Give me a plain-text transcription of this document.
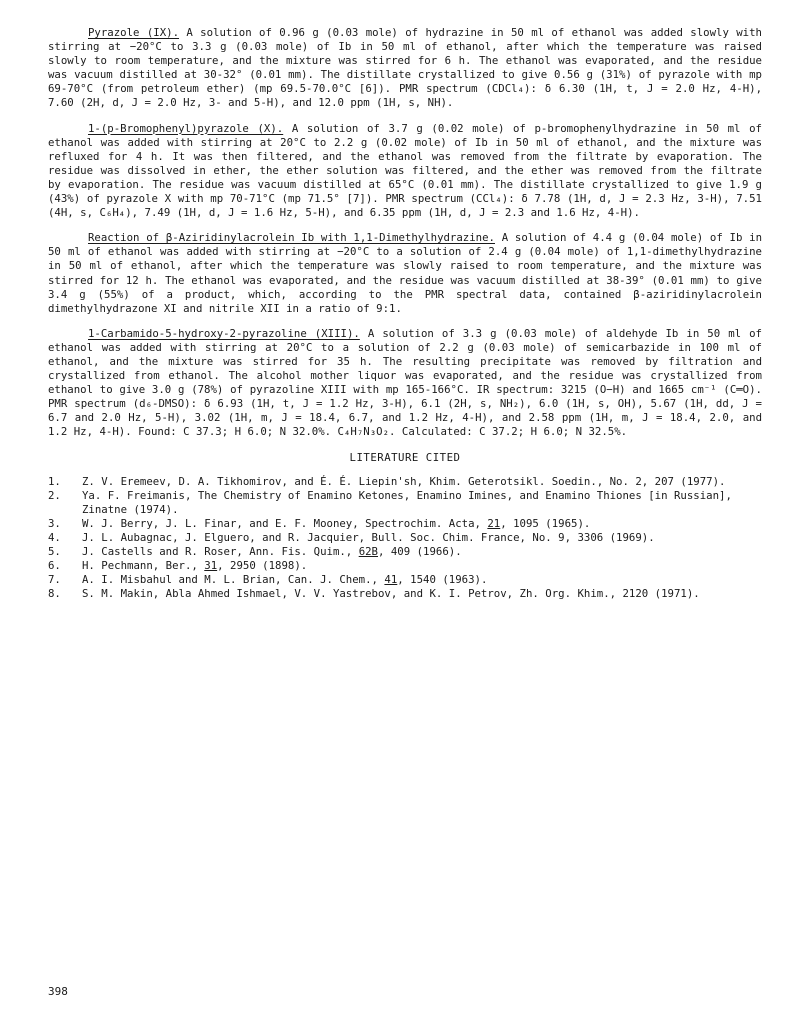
Pyrazole (IX). A solution of 0.96 g (0.03 mole) of hydrazine in 50 ml of ethanol was added slowly with stirring at −20°C to 3.3 g (0.03 mole) of Ib in 50 ml of ethanol, after which the temperature was raised slowly to room temperature, and the mixture was stirred for 6 h. The ethanol was evaporated, and the residue was vacuum distilled at 30-32° (0.01 mm). The distillate crystallized to give 0.56 g (31%) of pyrazole with mp 69-70°C (from petroleum ether) (mp 69.5-70.0°C [6]). PMR spectrum (CDCl₄): δ 6.30 (1H, t, J = 2.0 Hz, 4-H), 7.60 (2H, d, J = 2.0 Hz, 3- and 5-H), and 12.0 ppm (1H, s, NH).

1-(p-Bromophenyl)pyrazole (X). A solution of 3.7 g (0.02 mole) of p-bromophenylhydrazine in 50 ml of ethanol was added with stirring at 20°C to 2.2 g (0.02 mole) of Ib in 50 ml of ethanol, and the mixture was refluxed for 4 h. It was then filtered, and the ethanol was removed from the filtrate by evaporation. The residue was dissolved in ether, the ether solution was filtered, and the ether was removed from the filtrate by evaporation. The residue was vacuum distilled at 65°C (0.01 mm). The distillate crystallized to give 1.9 g (43%) of pyrazole X with mp 70-71°C (mp 71.5° [7]). PMR spectrum (CCl₄): δ 7.78 (1H, d, J = 2.3 Hz, 3-H), 7.51 (4H, s, C₆H₄), 7.49 (1H, d, J = 1.6 Hz, 5-H), and 6.35 ppm (1H, d, J = 2.3 and 1.6 Hz, 4-H).

Reaction of β-Aziridinylacrolein Ib with 1,1-Dimethylhydrazine. A solution of 4.4 g (0.04 mole) of Ib in 50 ml of ethanol was added with stirring at −20°C to a solution of 2.4 g (0.04 mole) of 1,1-dimethylhydrazine in 50 ml of ethanol, after which the temperature was slowly raised to room temperature, and the mixture was stirred for 12 h. The ethanol was evaporated, and the residue was vacuum distilled at 38-39° (0.01 mm) to give 3.4 g (55%) of a product, which, according to the PMR spectral data, contained β-aziridinylacrolein dimethylhydrazone XI and nitrile XII in a ratio of 9:1.

1-Carbamido-5-hydroxy-2-pyrazoline (XIII). A solution of 3.3 g (0.03 mole) of aldehyde Ib in 50 ml of ethanol was added with stirring at 20°C to a solution of 2.2 g (0.03 mole) of semicarbazide in 100 ml of ethanol, and the mixture was stirred for 35 h. The resulting precipitate was removed by filtration and crystallized from ethanol. The alcohol mother liquor was evaporated, and the residue was crystallized from ethanol to give 3.0 g (78%) of pyrazoline XIII with mp 165-166°C. IR spectrum: 3215 (O−H) and 1665 cm⁻¹ (C═O). PMR spectrum (d₆-DMSO): δ 6.93 (1H, t, J = 1.2 Hz, 3-H), 6.1 (2H, s, NH₂), 6.0 (1H, s, OH), 5.67 (1H, dd, J = 6.7 and 2.0 Hz, 5-H), 3.02 (1H, m, J = 18.4, 6.7, and 1.2 Hz, 4-H), and 2.58 ppm (1H, m, J = 18.4, 2.0, and 1.2 Hz, 4-H). Found: C 37.3; H 6.0; N 32.0%. C₄H₇N₃O₂. Calculated: C 37.2; H 6.0; N 32.5%.

LITERATURE CITED
1.	Z. V. Eremeev, D. A. Tikhomirov, and É. É. Liepin'sh, Khim. Geterotsikl. Soedin., No. 2, 207 (1977).
2.	Ya. F. Freimanis, The Chemistry of Enamino Ketones, Enamino Imines, and Enamino Thiones [in Russian], Zinatne (1974).
3.	W. J. Berry, J. L. Finar, and E. F. Mooney, Spectrochim. Acta, 21, 1095 (1965).
4.	J. L. Aubagnac, J. Elguero, and R. Jacquier, Bull. Soc. Chim. France, No. 9, 3306 (1969).
5.	J. Castells and R. Roser, Ann. Fis. Quim., 62B, 409 (1966).
6.	H. Pechmann, Ber., 31, 2950 (1898).
7.	A. I. Misbahul and M. L. Brian, Can. J. Chem., 41, 1540 (1963).
8.	S. M. Makin, Abla Ahmed Ishmael, V. V. Yastrebov, and K. I. Petrov, Zh. Org. Khim., 2120 (1971).
398
